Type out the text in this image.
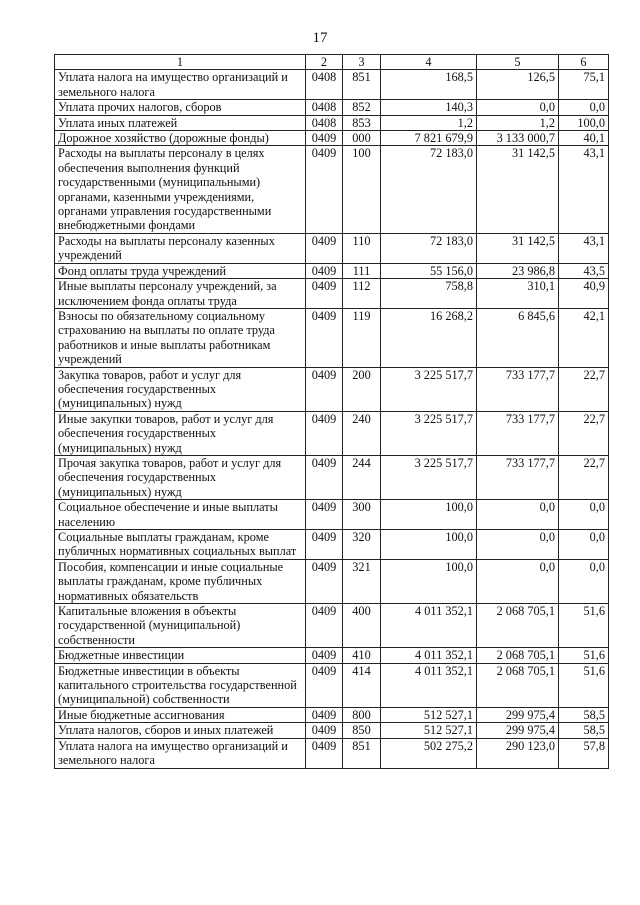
17
1	2	3	4	5	6
Уплата налога на имущество организаций и земельного налога	0408	851	168,5	126,5	75,1
Уплата прочих налогов, сборов	0408	852	140,3	0,0	0,0
Уплата иных платежей	0408	853	1,2	1,2	100,0
Дорожное хозяйство (дорожные фонды)	0409	000	7 821 679,9	3 133 000,7	40,1
Расходы на выплаты персоналу в целях обеспечения выполнения функций государственными (муниципальными) органами, казенными учреждениями, органами управления государственными внебюджетными фондами	0409	100	72 183,0	31 142,5	43,1
Расходы на выплаты персоналу казенных учреждений	0409	110	72 183,0	31 142,5	43,1
Фонд оплаты труда учреждений	0409	111	55 156,0	23 986,8	43,5
Иные выплаты персоналу учреждений, за исключением фонда оплаты труда	0409	112	758,8	310,1	40,9
Взносы по обязательному социальному страхованию на выплаты по оплате труда работников и иные выплаты работникам учреждений	0409	119	16 268,2	6 845,6	42,1
Закупка товаров, работ и услуг для обеспечения государственных (муниципальных) нужд	0409	200	3 225 517,7	733 177,7	22,7
Иные закупки товаров, работ и услуг для обеспечения государственных (муниципальных) нужд	0409	240	3 225 517,7	733 177,7	22,7
Прочая закупка товаров, работ и услуг для обеспечения государственных (муниципальных) нужд	0409	244	3 225 517,7	733 177,7	22,7
Социальное обеспечение и иные выплаты населению	0409	300	100,0	0,0	0,0
Социальные выплаты гражданам, кроме публичных нормативных социальных выплат	0409	320	100,0	0,0	0,0
Пособия, компенсации и иные социальные выплаты гражданам, кроме публичных нормативных обязательств	0409	321	100,0	0,0	0,0
Капитальные вложения в объекты государственной (муниципальной) собственности	0409	400	4 011 352,1	2 068 705,1	51,6
Бюджетные инвестиции	0409	410	4 011 352,1	2 068 705,1	51,6
Бюджетные инвестиции в объекты капитального строительства государственной (муниципальной) собственности	0409	414	4 011 352,1	2 068 705,1	51,6
Иные бюджетные ассигнования	0409	800	512 527,1	299 975,4	58,5
Уплата налогов, сборов и иных платежей	0409	850	512 527,1	299 975,4	58,5
Уплата налога на имущество организаций и земельного налога	0409	851	502 275,2	290 123,0	57,8
